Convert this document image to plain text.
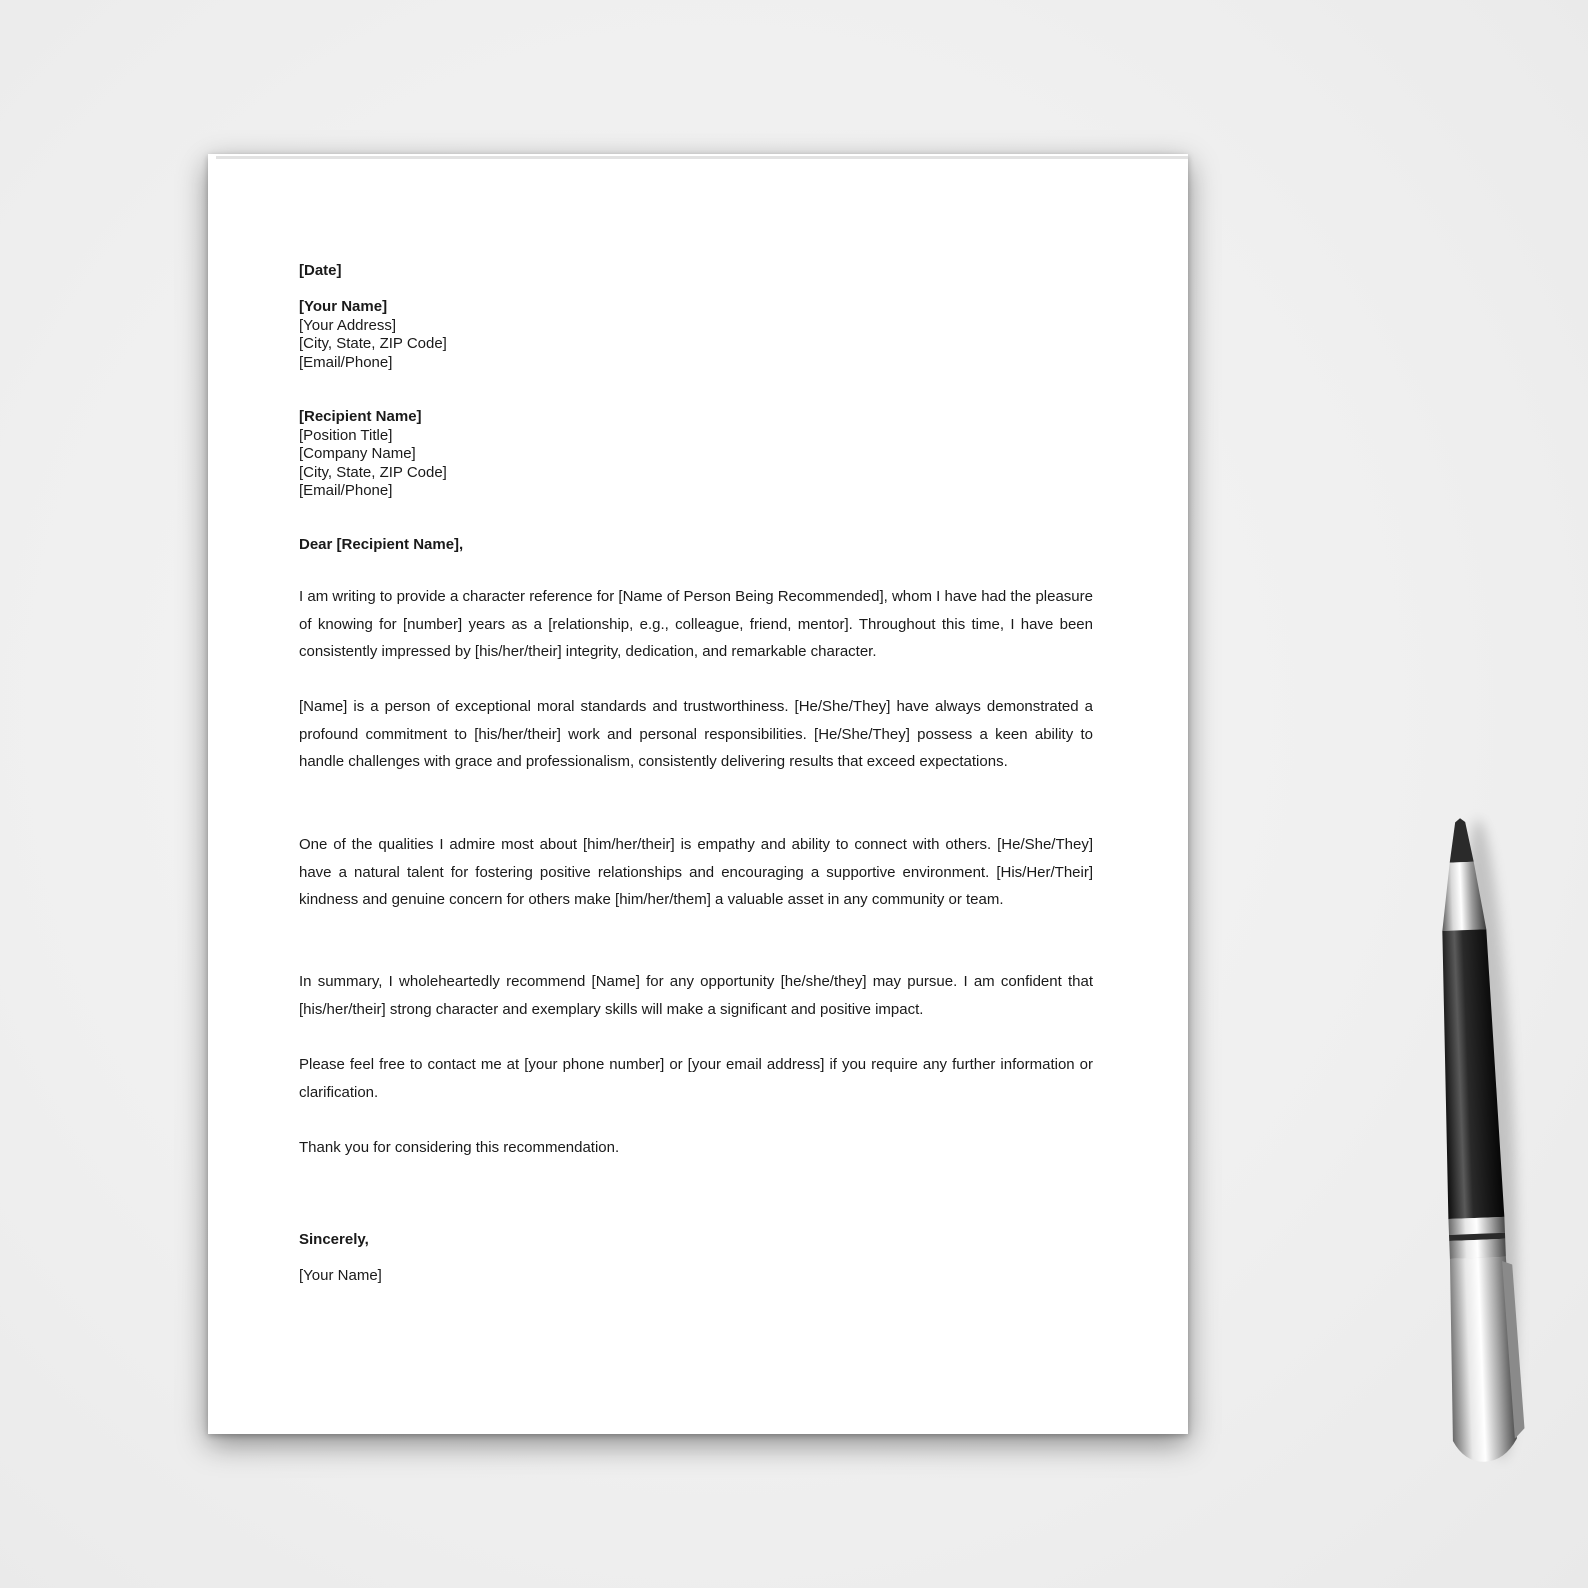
[Date]
[Your Name]
[Your Address]
[City, State, ZIP Code]
[Email/Phone]
[Recipient Name]
[Position Title]
[Company Name]
[City, State, ZIP Code]
[Email/Phone]
Dear [Recipient Name],

I am writing to provide a character reference for [Name of Person Being Recommended], whom I have had the pleasure of knowing for [number] years as a [relationship, e.g., colleague, friend, mentor]. Throughout this time, I have been consistently impressed by [his/her/their] integrity, dedication, and remarkable character.

[Name] is a person of exceptional moral standards and trustworthiness. [He/She/They] have always demonstrated a profound commitment to [his/her/their] work and personal responsibilities. [He/She/They] possess a keen ability to handle challenges with grace and professionalism, consistently delivering results that exceed expectations.

One of the qualities I admire most about [him/her/their] is empathy and ability to connect with others. [He/She/They] have a natural talent for fostering positive relationships and encouraging a supportive environment. [His/Her/Their] kindness and genuine concern for others make [him/her/them] a valuable asset in any community or team.

In summary, I wholeheartedly recommend [Name] for any opportunity [he/she/they] may pursue. I am confident that [his/her/their] strong character and exemplary skills will make a significant and positive impact.

Please feel free to contact me at [your phone number] or [your email address] if you require any further information or clarification.

Thank you for considering this recommendation.

Sincerely,
[Your Name]
